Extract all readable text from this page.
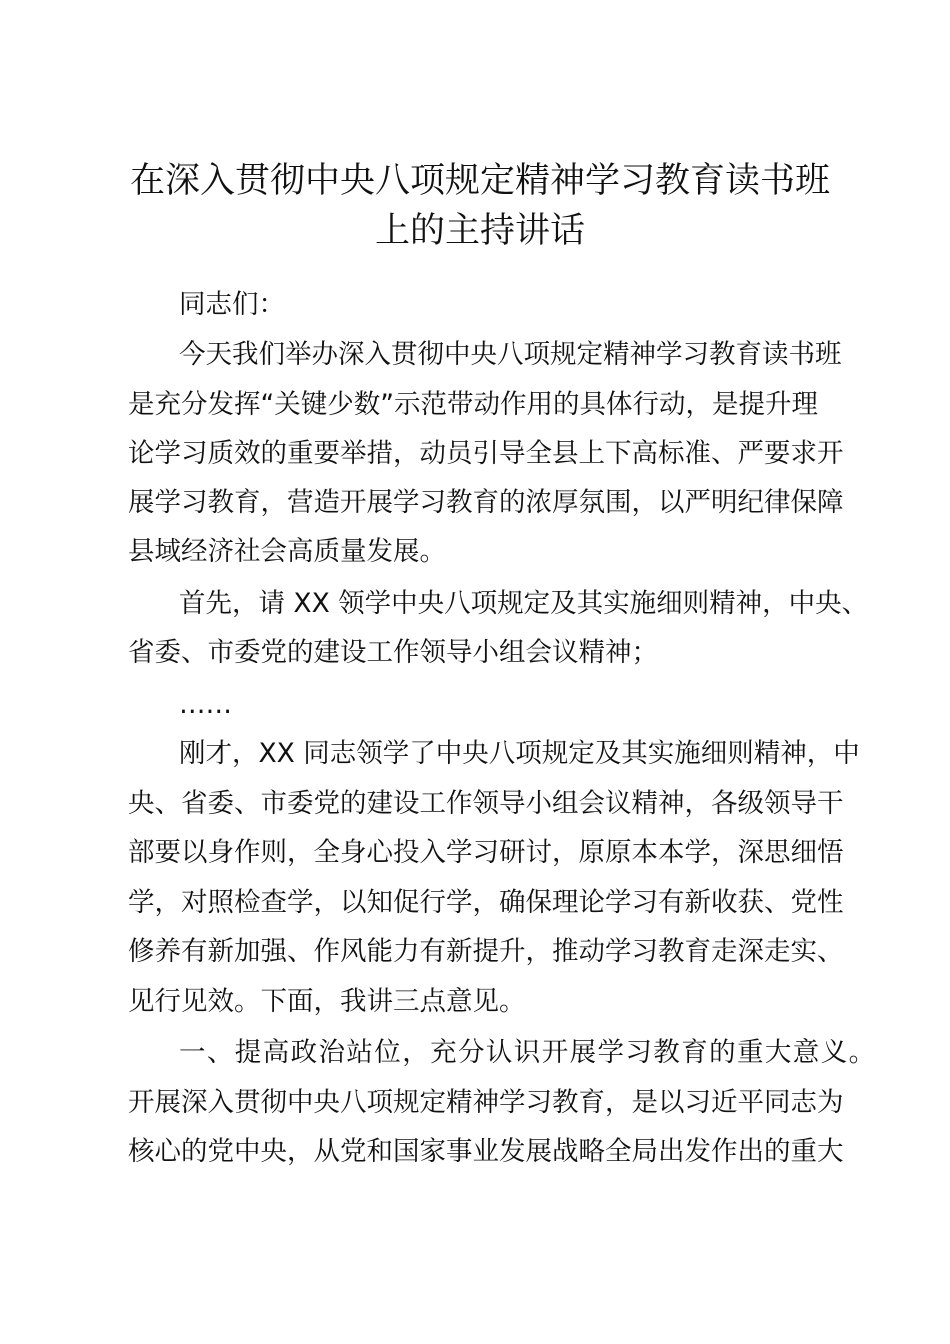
在深入贯彻中央八项规定精神学习教育读书班
上的主持讲话

同志们：

今天我们举办深入贯彻中央八项规定精神学习教育读书班

是充分发挥“关键少数”示范带动作用的具体行动，是提升理

论学习质效的重要举措，动员引导全县上下高标准、严要求开

展学习教育，营造开展学习教育的浓厚氛围，以严明纪律保障

县域经济社会高质量发展。

首先，请 XX 领学中央八项规定及其实施细则精神，中央、

省委、市委党的建设工作领导小组会议精神；

……

刚才，XX 同志领学了中央八项规定及其实施细则精神，中

央、省委、市委党的建设工作领导小组会议精神，各级领导干

部要以身作则，全身心投入学习研讨，原原本本学，深思细悟

学，对照检查学，以知促行学，确保理论学习有新收获、党性

修养有新加强、作风能力有新提升，推动学习教育走深走实、

见行见效。下面，我讲三点意见。

一、提高政治站位，充分认识开展学习教育的重大意义。

开展深入贯彻中央八项规定精神学习教育，是以习近平同志为

核心的党中央，从党和国家事业发展战略全局出发作出的重大
